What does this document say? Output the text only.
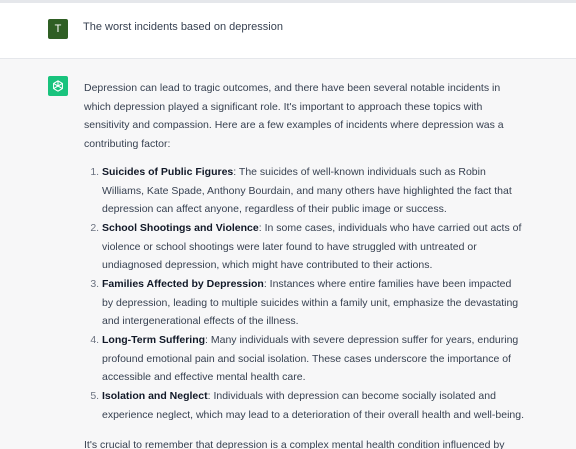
T	The worst incidents based on depression

Depression can lead to tragic outcomes, and there have been several notable incidents in which depression played a significant role. It's important to approach these topics with sensitivity and compassion. Here are a few examples of incidents where depression was a contributing factor:

1. Suicides of Public Figures: The suicides of well-known individuals such as Robin Williams, Kate Spade, Anthony Bourdain, and many others have highlighted the fact that depression can affect anyone, regardless of their public image or success.
2. School Shootings and Violence: In some cases, individuals who have carried out acts of violence or school shootings were later found to have struggled with untreated or undiagnosed depression, which might have contributed to their actions.
3. Families Affected by Depression: Instances where entire families have been impacted by depression, leading to multiple suicides within a family unit, emphasize the devastating and intergenerational effects of the illness.
4. Long-Term Suffering: Many individuals with severe depression suffer for years, enduring profound emotional pain and social isolation. These cases underscore the importance of accessible and effective mental health care.
5. Isolation and Neglect: Individuals with depression can become socially isolated and experience neglect, which may lead to a deterioration of their overall health and well-being.

It's crucial to remember that depression is a complex mental health condition influenced by
